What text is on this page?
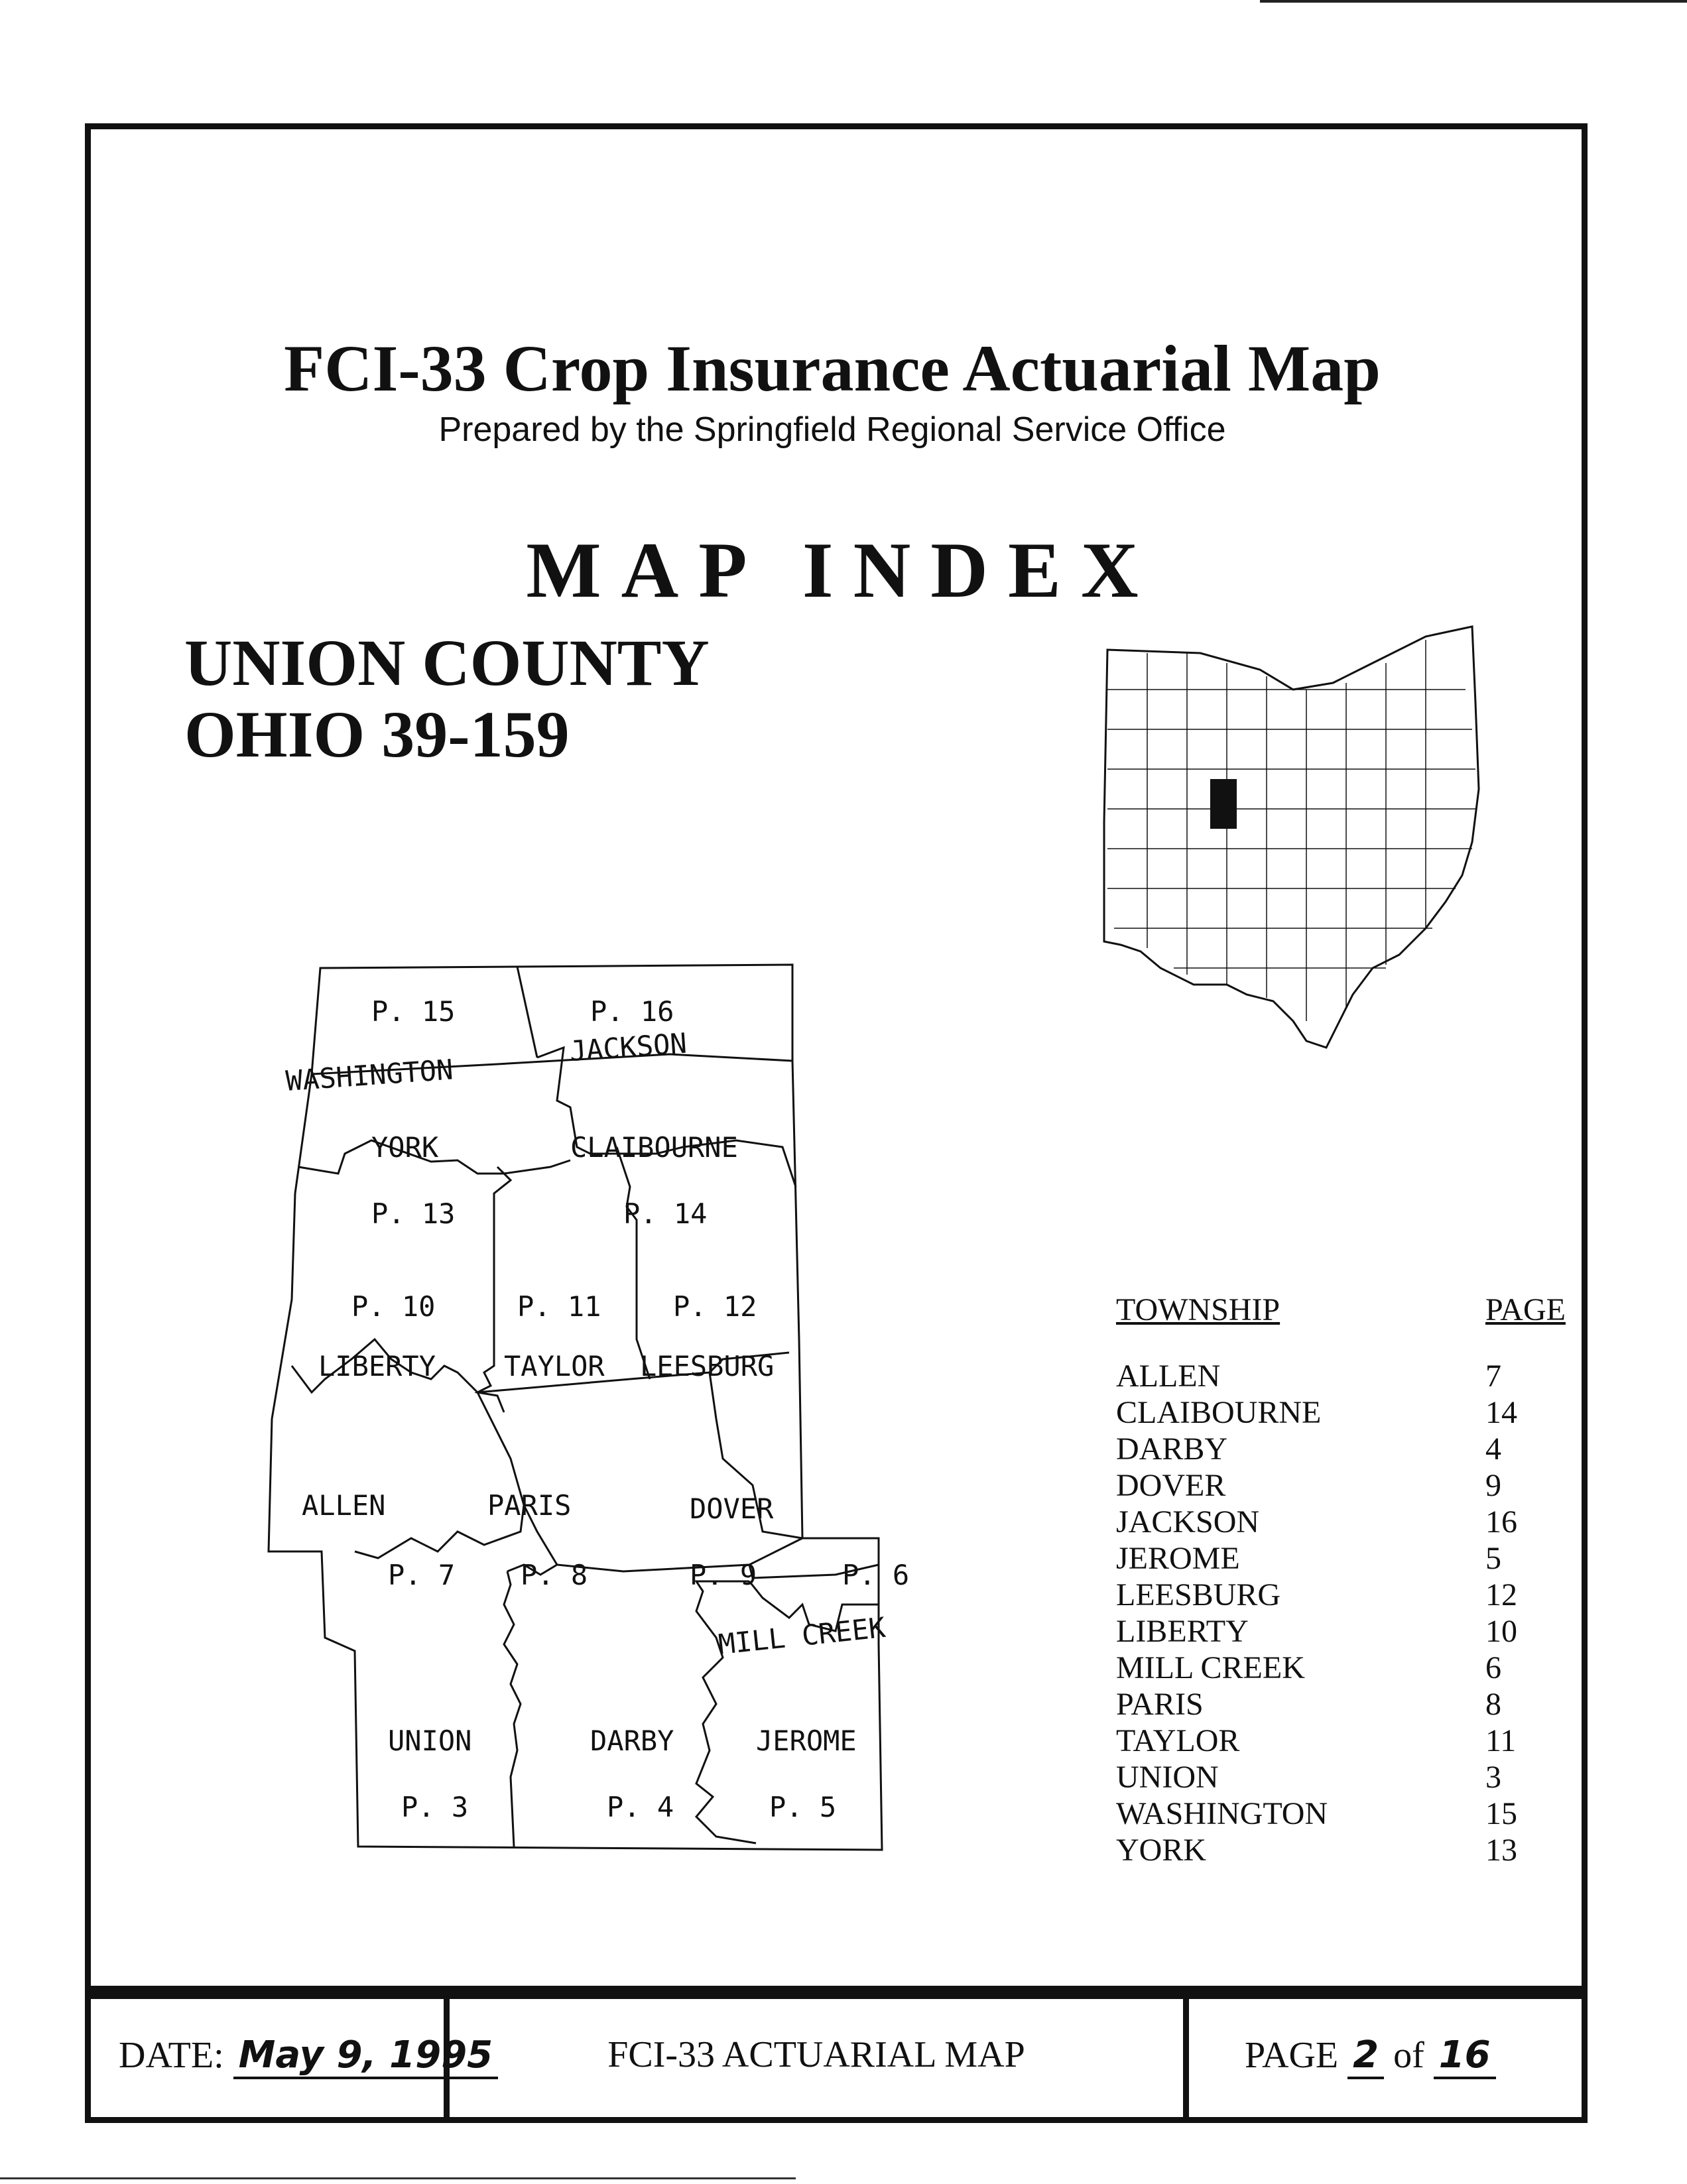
FCI-33 Crop Insurance Actuarial Map
Prepared by the Springfield Regional Service Office
MAP INDEX
UNION COUNTY
OHIO 39-159
WASHINGTON
P. 15
JACKSON
P. 16
YORK
P. 13
CLAIBOURNE
P. 14
LIBERTY
P. 10
TAYLOR
P. 11
LEESBURG
P. 12
ALLEN
P. 7
PARIS
P. 8
DOVER
P. 9
MILL CREEK
P. 6
UNION
P. 3
DARBY
P. 4
JEROME
P. 5
TOWNSHIP	PAGE
ALLEN	7
CLAIBOURNE	14
DARBY	4
DOVER	9
JACKSON	16
JEROME	5
LEESBURG	12
LIBERTY	10
MILL CREEK	6
PARIS	8
TAYLOR	11
UNION	3
WASHINGTON	15
YORK	13
DATE: May 9, 1995	FCI-33 ACTUARIAL MAP	PAGE 2 of 16
